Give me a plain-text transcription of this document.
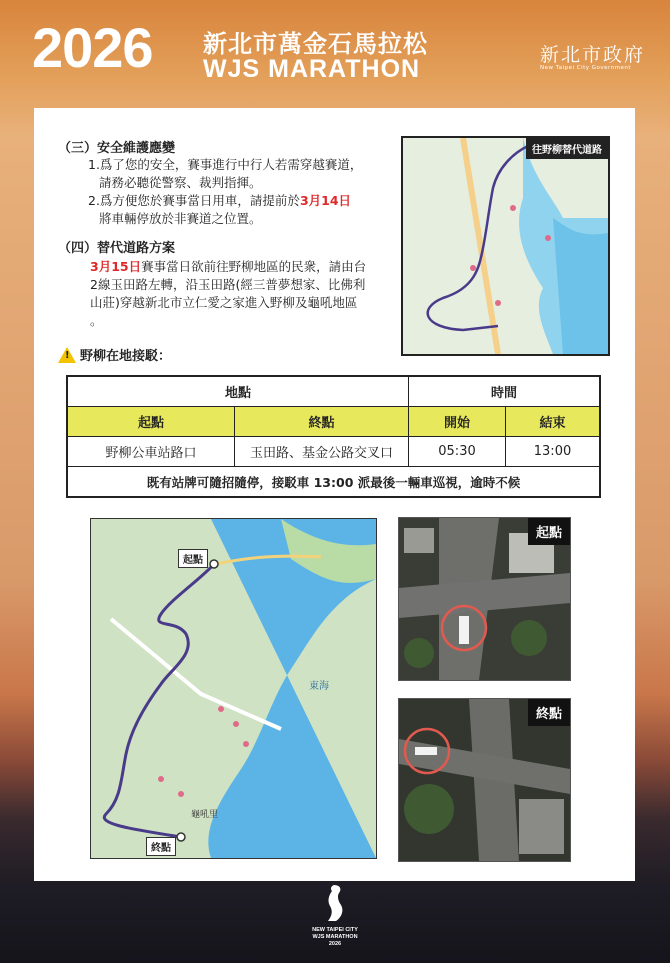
2026 新北市萬金石馬拉松
WJS MARATHON	新北市政府
New Taipei City Government
（三）安全維護應變
1.爲了您的安全，賽事進行中行人若需穿越賽道，
請務必聽從警察、裁判指揮。
2.爲方便您於賽事當日用車，請提前於3月14日
將車輛停放於非賽道之位置。
（四）替代道路方案
3月15日賽事當日欲前往野柳地區的民衆，請由台
2線玉田路左轉，沿玉田路(經三普夢想家、比佛利
山莊)穿越新北市立仁愛之家進入野柳及龜吼地區
。
往野柳替代道路
! 野柳在地接駁：
地點		時間	
起點	終點	開始	結束
野柳公車站路口	玉田路、基金公路交叉口	05:30	13:00
既有站牌可隨招隨停，接駁車 13:00 派最後一輛車巡視，逾時不候			
起點
終點
東海
龜吼里
起點
終點
NEW TAIPEI CITY
WJS MARATHON
2026
